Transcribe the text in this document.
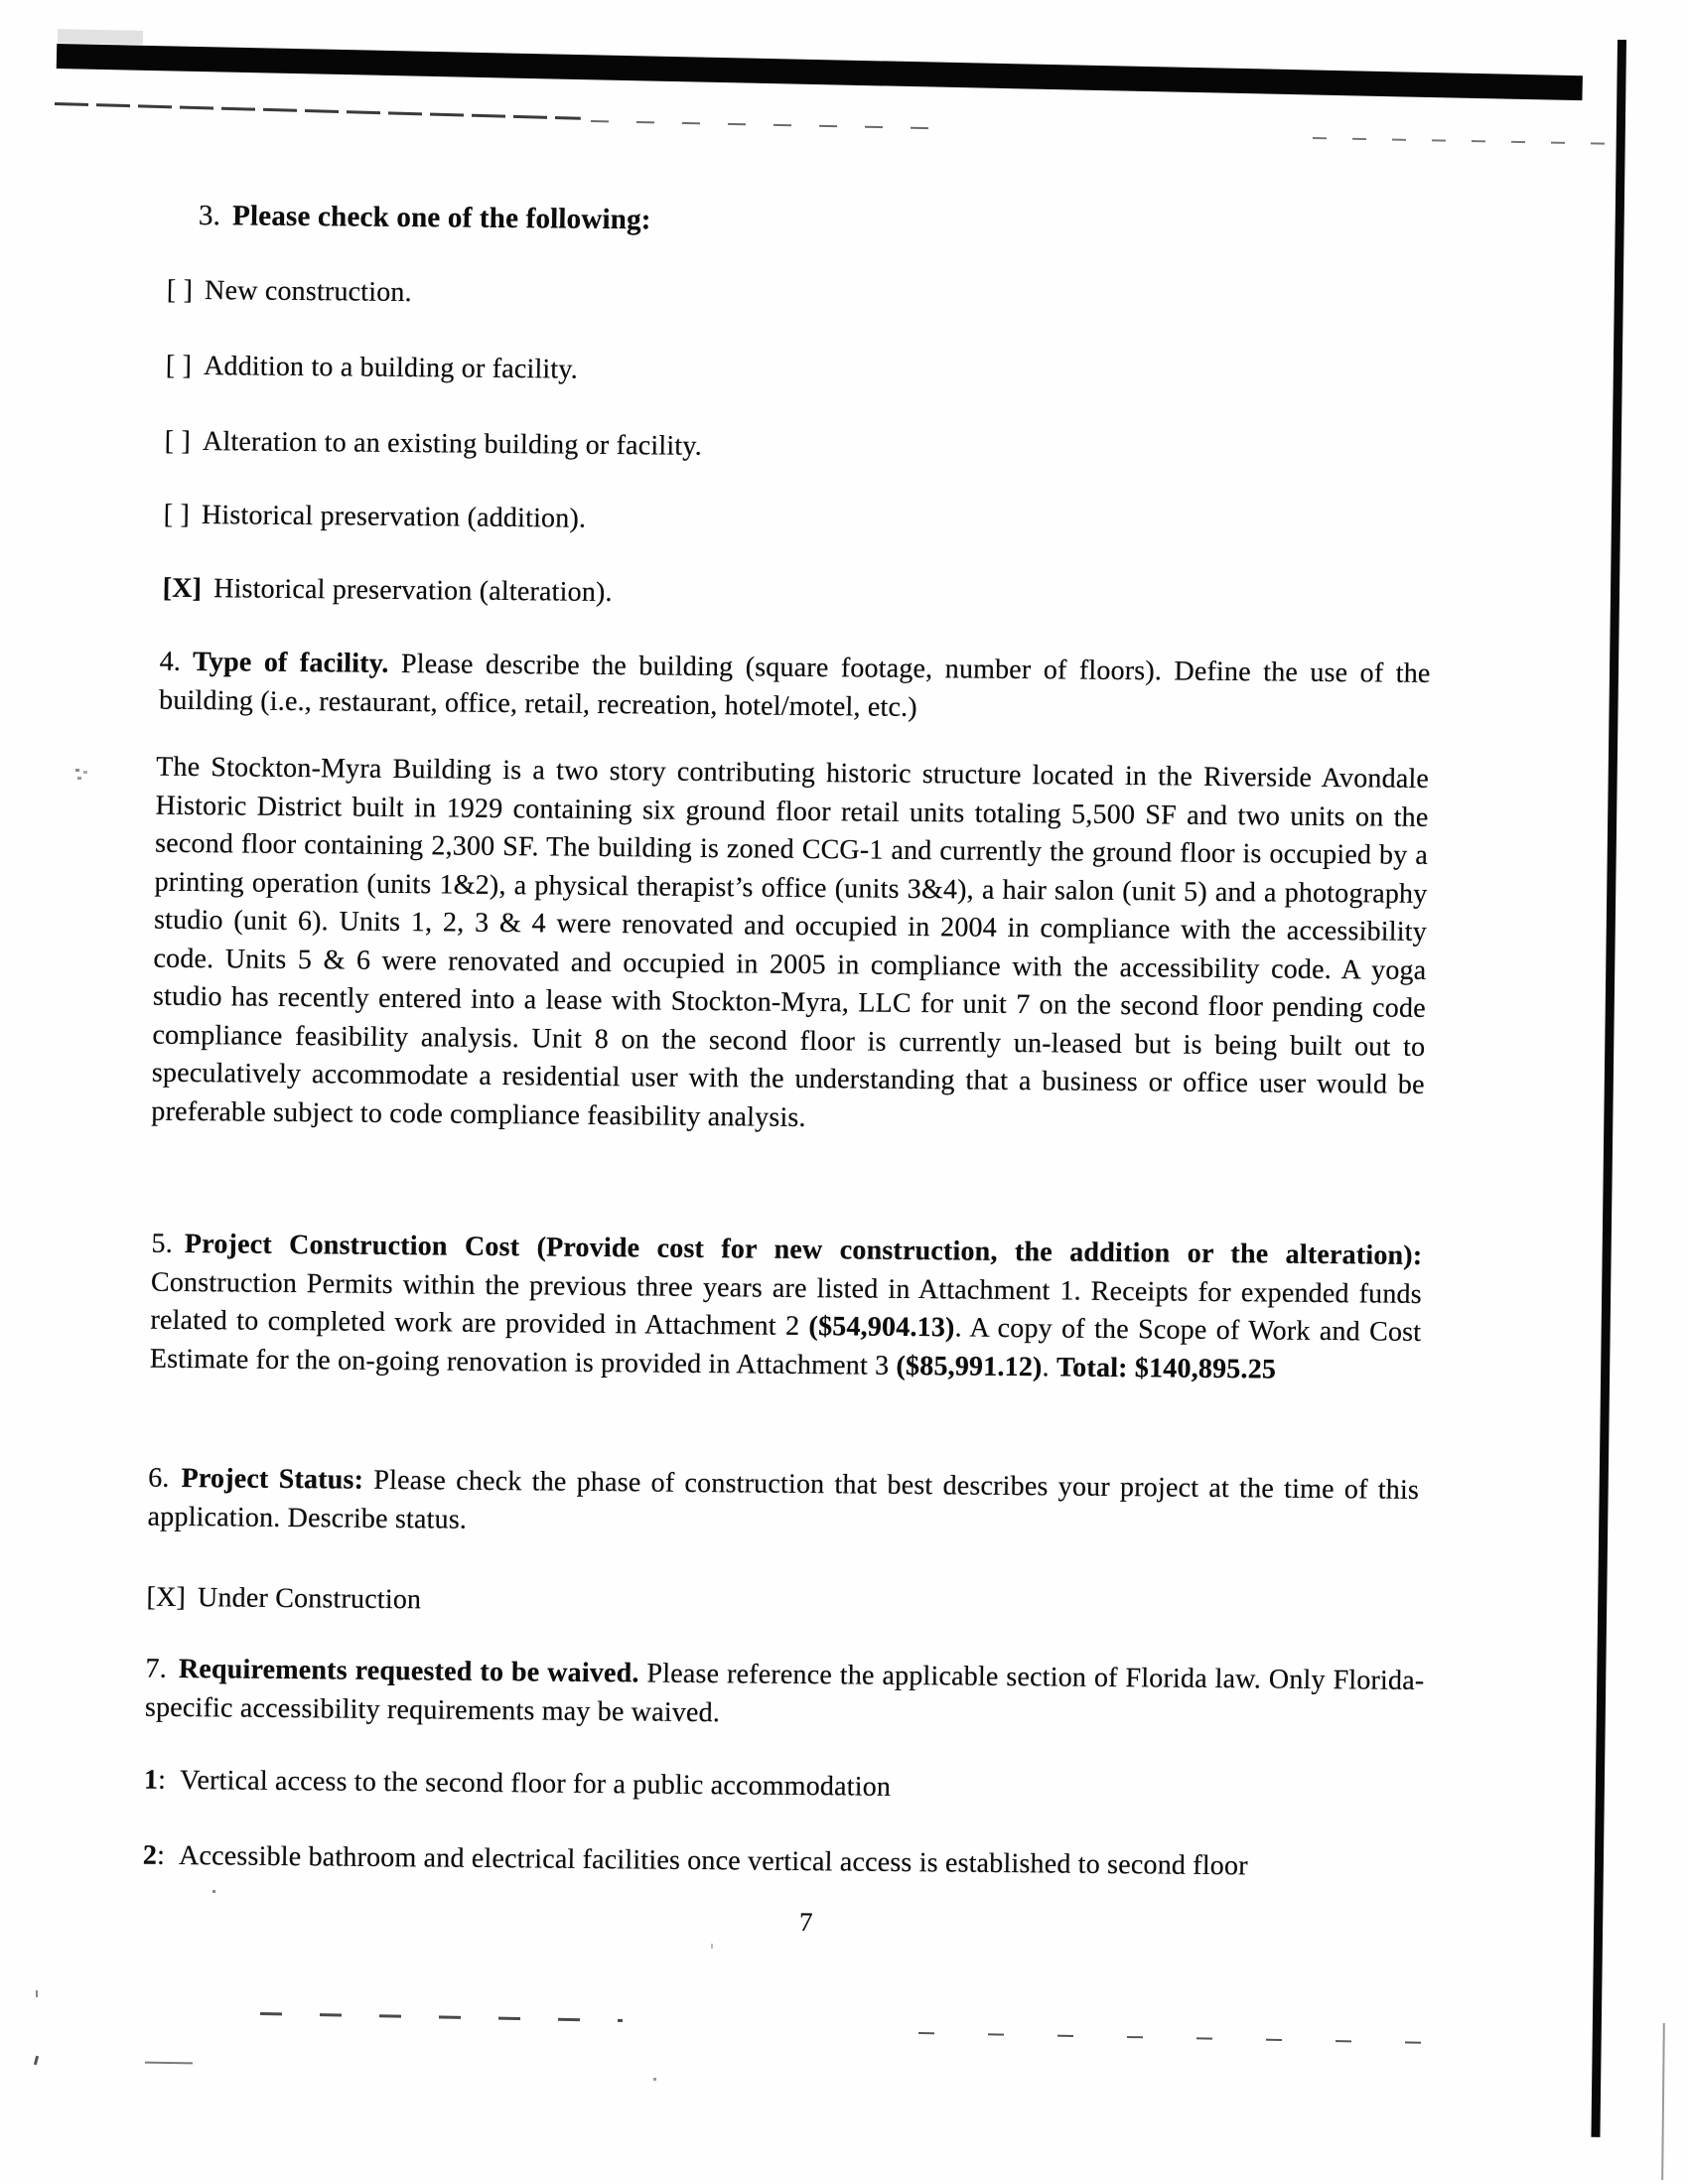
3. Please check one of the following:
[ ] New construction.
[ ] Addition to a building or facility.
[ ] Alteration to an existing building or facility.
[ ] Historical preservation (addition).
[X] Historical preservation (alteration).
4. Type of facility. Please describe the building (square footage, number of floors). Define the use of the building (i.e., restaurant, office, retail, recreation, hotel/motel, etc.)
The Stockton-Myra Building is a two story contributing historic structure located in the Riverside Avondale Historic District built in 1929 containing six ground floor retail units totaling 5,500 SF and two units on the second floor containing 2,300 SF. The building is zoned CCG-1 and currently the ground floor is occupied by a printing operation (units 1&2), a physical therapist’s office (units 3&4), a hair salon (unit 5) and a photography studio (unit 6). Units 1, 2, 3 & 4 were renovated and occupied in 2004 in compliance with the accessibility code. Units 5 & 6 were renovated and occupied in 2005 in compliance with the accessibility code. A yoga studio has recently entered into a lease with Stockton-Myra, LLC for unit 7 on the second floor pending code compliance feasibility analysis. Unit 8 on the second floor is currently un-leased but is being built out to speculatively accommodate a residential user with the understanding that a business or office user would be preferable subject to code compliance feasibility analysis.
5. Project Construction Cost (Provide cost for new construction, the addition or the alteration): Construction Permits within the previous three years are listed in Attachment 1. Receipts for expended funds related to completed work are provided in Attachment 2 ($54,904.13). A copy of the Scope of Work and Cost Estimate for the on-going renovation is provided in Attachment 3 ($85,991.12). Total: $140,895.25
6. Project Status: Please check the phase of construction that best describes your project at the time of this application. Describe status.
[X] Under Construction
7. Requirements requested to be waived. Please reference the applicable section of Florida law. Only Florida-specific accessibility requirements may be waived.
1: Vertical access to the second floor for a public accommodation
2: Accessible bathroom and electrical facilities once vertical access is established to second floor
7
